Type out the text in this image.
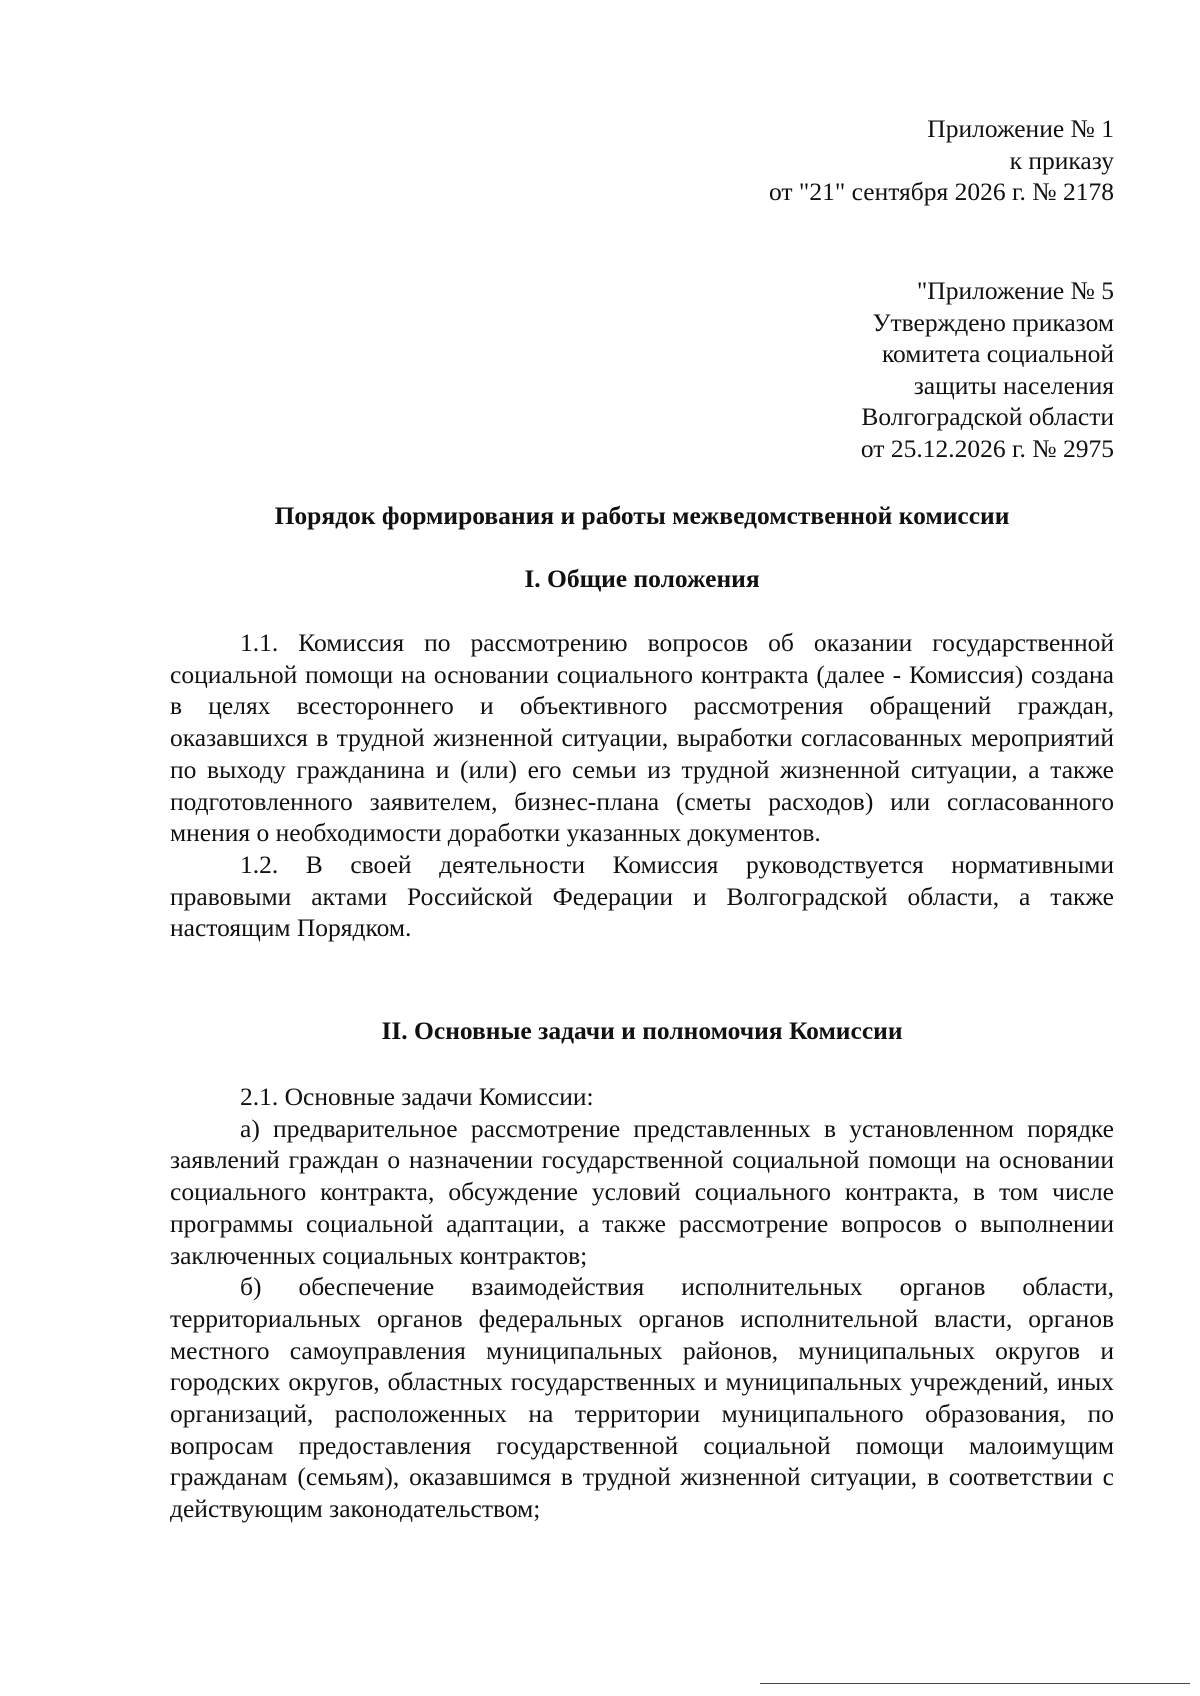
Приложение № 1
к приказу
от "21" сентября 2026 г. № 2178
"Приложение № 5
Утверждено приказом
комитета социальной
защиты населения
Волгоградской области
от 25.12.2026 г. № 2975
Порядок формирования и работы межведомственной комиссии
I. Общие положения

1.1. Комиссия по рассмотрению вопросов об оказании государственной социальной помощи на основании социального контракта (далее - Комиссия) создана в целях всестороннего и объективного рассмотрения обращений граждан, оказавшихся в трудной жизненной ситуации, выработки согласованных мероприятий по выходу гражданина и (или) его семьи из трудной жизненной ситуации, а также подготовленного заявителем, бизнес-плана (сметы расходов) или согласованного мнения о необходимости доработки указанных документов.

1.2. В своей деятельности Комиссия руководствуется нормативными правовыми актами Российской Федерации и Волгоградской области, а также настоящим Порядком.

II. Основные задачи и полномочия Комиссии

2.1. Основные задачи Комиссии:

а) предварительное рассмотрение представленных в установленном порядке заявлений граждан о назначении государственной социальной помощи на основании социального контракта, обсуждение условий социального контракта, в том числе программы социальной адаптации, а также рассмотрение вопросов о выполнении заключенных социальных контрактов;

б) обеспечение взаимодействия исполнительных органов области, территориальных органов федеральных органов исполнительной власти, органов местного самоуправления муниципальных районов, муниципальных округов и городских округов, областных государственных и муниципальных учреждений, иных организаций, расположенных на территории муниципального образования, по вопросам предоставления государственной социальной помощи малоимущим гражданам (семьям), оказавшимся в трудной жизненной ситуации, в соответствии с действующим законодательством;
